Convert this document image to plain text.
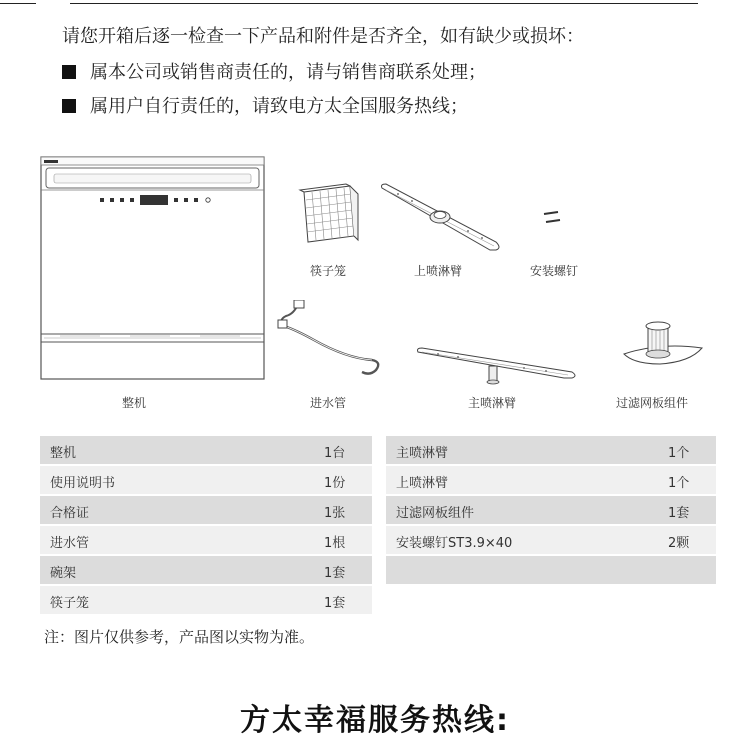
请您开箱后逐一检查一下产品和附件是否齐全，如有缺少或损坏：
属本公司或销售商责任的，请与销售商联系处理；
属用户自行责任的，请致电方太全国服务热线；
整机
筷子笼	上喷淋臂	安装螺钉
进水管	主喷淋臂	过滤网板组件
整机	1台
使用说明书	1份
合格证	1张
进水管	1根
碗架	1套
筷子笼	1套
主喷淋臂	1个
上喷淋臂	1个
过滤网板组件	1套
安装螺钉ST3.9×40	2颗
注：图片仅供参考，产品图以实物为准。
方太幸福服务热线:
